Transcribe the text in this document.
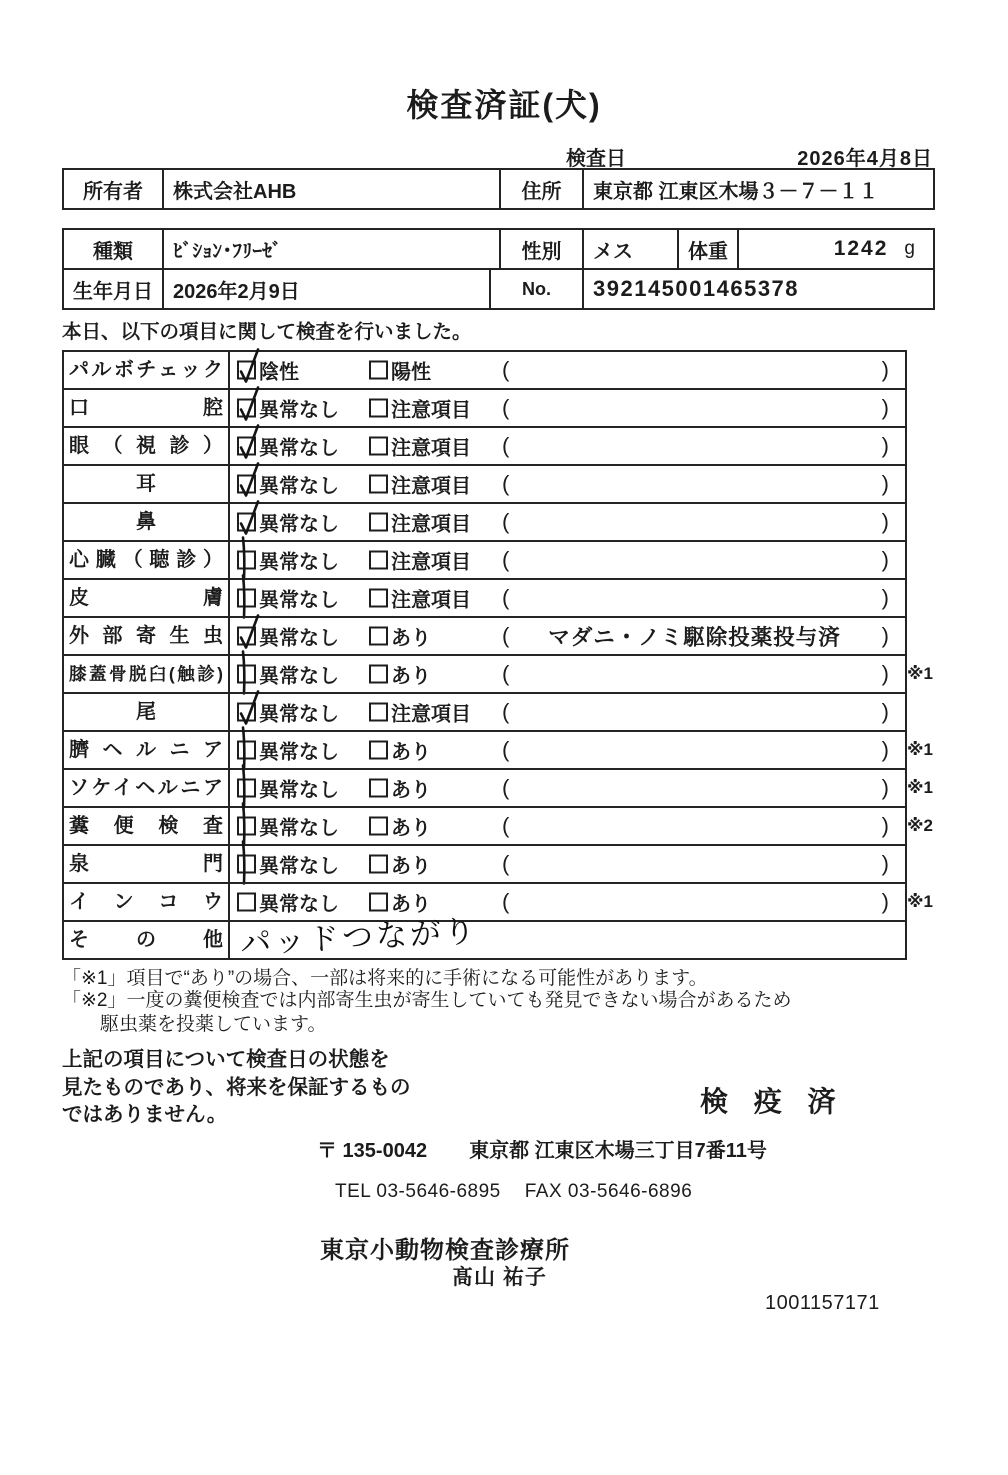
検査済証(犬)
検査日	2026年4月8日
所有者	株式会社AHB	住所	東京都 江東区木場３－７－１１
種類	ﾋﾞｼｮﾝ･ﾌﾘｰｾﾞ	性別	メス	体重	1242 g
生年月日	2026年2月9日	No.	392145001465378
本日、以下の項目に関して検査を行いました。
パルボチェック	陰性	陽性	(	)
口腔	異常なし	注意項目 (	)
眼（視診）	異常なし	注意項目 (	)
耳	異常なし	注意項目 (	)
鼻	異常なし	注意項目 (	)
心臓（聴診）	異常なし	注意項目 (	)
皮膚	異常なし	注意項目 (	)
外部寄生虫	異常なし	あり	(	マダニ・ノミ駆除投薬投与済	)
膝蓋骨脱臼(触診)	異常なし	あり	(	) ※1
尾	異常なし	注意項目 (	)
臍ヘルニア	異常なし	あり	(	) ※1
ソケイヘルニア	異常なし	あり	(	) ※1
糞便検査	異常なし	あり	(	) ※2
泉門	異常なし	あり	(	)
インコウ	異常なし	あり	(	) ※1
その他 パッドつながり
「※1」項目で“あり”の場合、一部は将来的に手術になる可能性があります。
「※2」一度の糞便検査では内部寄生虫が寄生していても発見できない場合があるため
駆虫薬を投薬しています。
上記の項目について検査日の状態を
見たものであり、将来を保証するもの
ではありません。	検 疫 済
〒 135-0042 東京都 江東区木場三丁目7番11号
TEL 03-5646-6895 FAX 03-5646-6896
東京小動物検査診療所
髙山 祐子
1001157171
